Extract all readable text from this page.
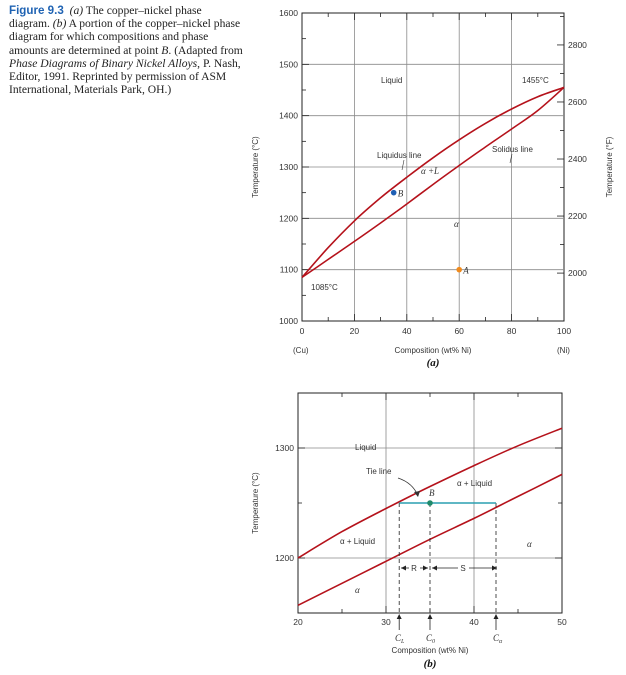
Figure 9.3 (a) The copper–nickel phase diagram. (b) A portion of the copper–nickel phase diagram for which compositions and phase amounts are determined at point B. (Adapted from Phase Diagrams of Binary Nickel Alloys, P. Nash, Editor, 1991. Reprinted by permission of ASM International, Materials Park, OH.)
0	20	40	60	80	100
1000
1100
1200
1300
1400
1500
1600
2000
2200
2400
2600
2800
Liquid	1455°C
Liquidus line
Solidus line
α +L
α
1085°C
B
A
(Cu)	(Ni)
Composition (wt% Ni)
(a)
Temperature (°C)	Temperature (°F)
B
20	30	40	50
1200
1300	Liquid
Tie line
α + Liquid
α + Liquid	α
α
R	S
$C_L$ $C_0$	$C_\alpha$
Composition (wt% Ni)
(b)
Temperature (°C)
